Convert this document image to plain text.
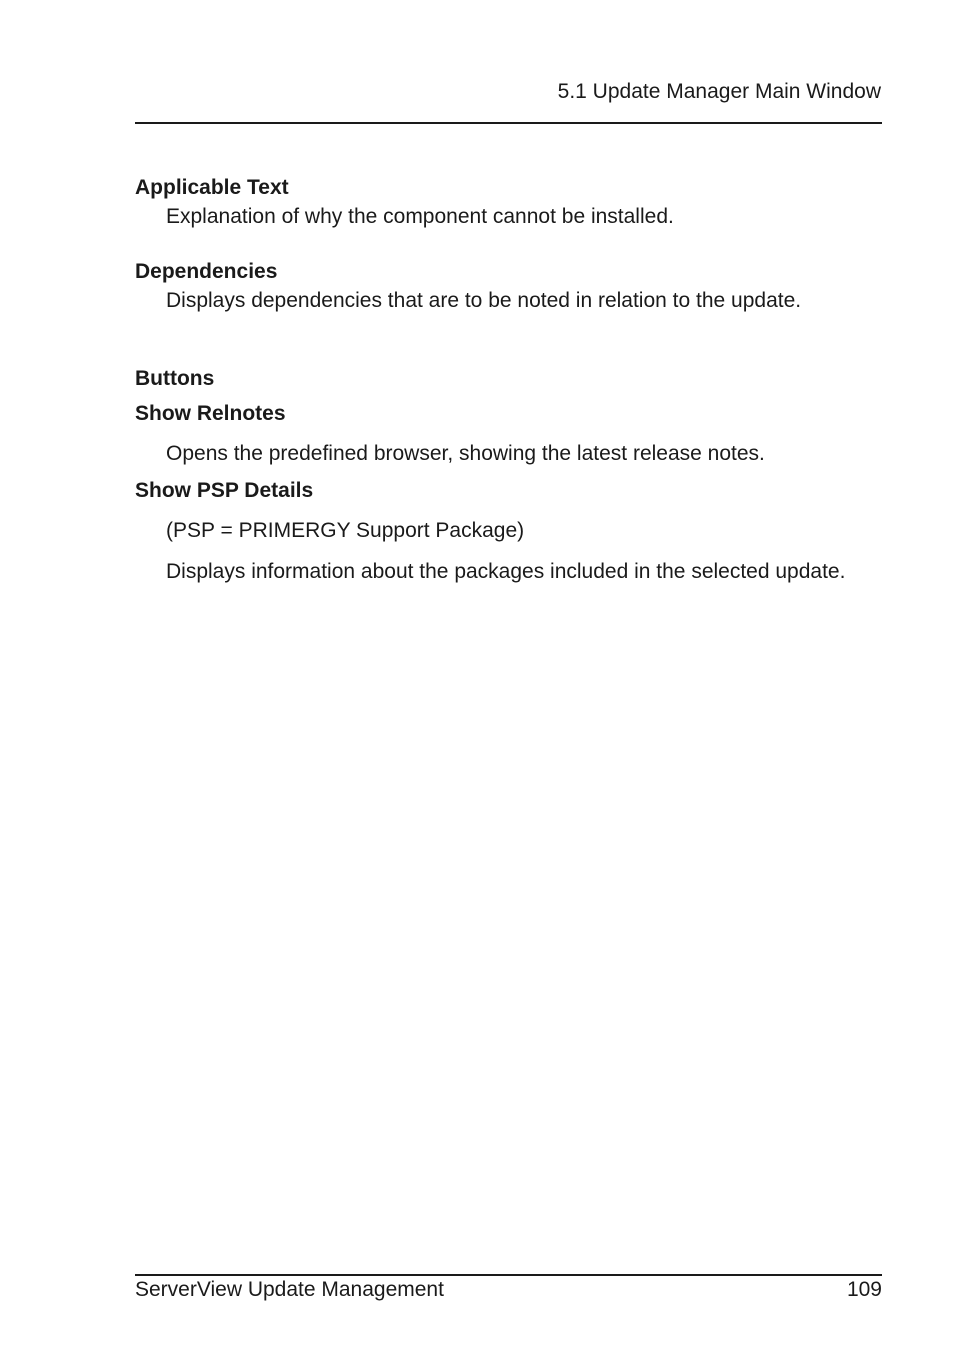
5.1 Update Manager Main Window
Applicable Text
Explanation of why the component cannot be installed.
Dependencies
Displays dependencies that are to be noted in relation to the update.
Buttons
Show Relnotes
Opens the predefined browser, showing the latest release notes.
Show PSP Details
(PSP = PRIMERGY Support Package)
Displays information about the packages included in the selected update.
ServerView Update Management	109
